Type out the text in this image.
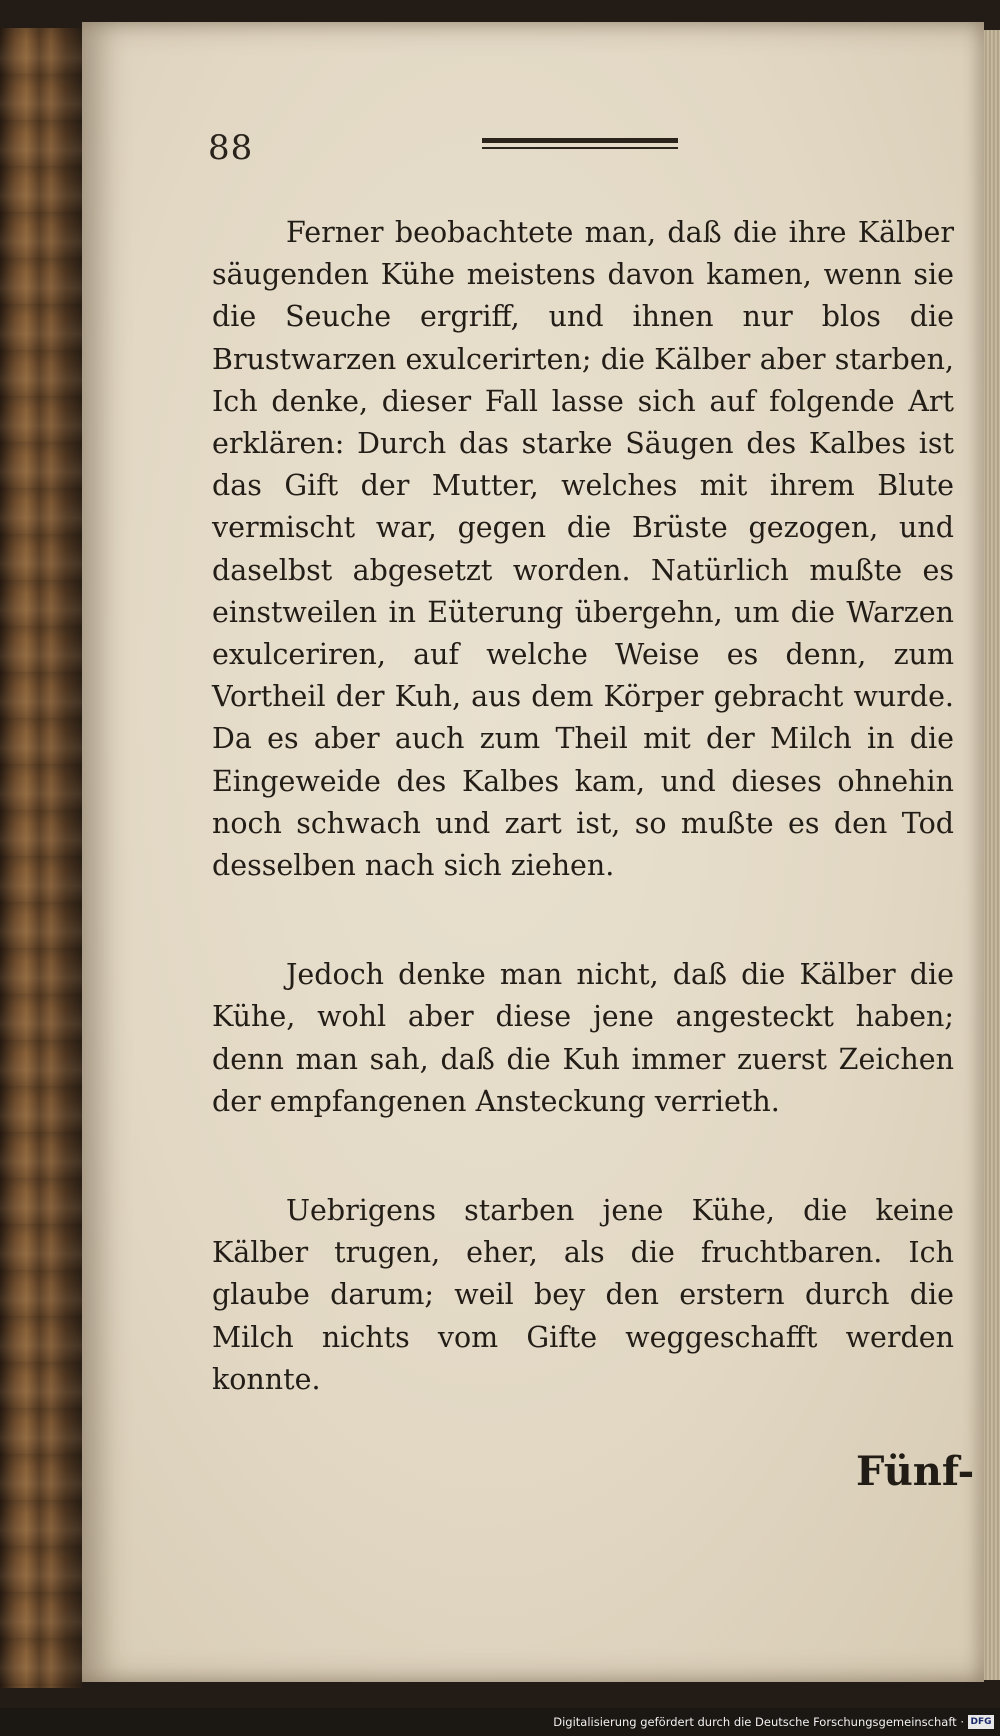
88

Ferner beobachtete man, daß die ihre Kälber säugenden Kühe meistens davon kamen, wenn sie die Seuche ergriff, und ihnen nur blos die Brustwarzen exulcerirten; die Kälber aber starben, Ich denke, dieser Fall lasse sich auf folgende Art erklären: Durch das starke Säugen des Kalbes ist das Gift der Mutter, welches mit ihrem Blute vermischt war, gegen die Brüste gezogen, und daselbst abgesetzt worden. Natürlich mußte es einstweilen in Eüterung übergehn, um die Warzen exulceriren, auf welche Weise es denn, zum Vortheil der Kuh, aus dem Körper gebracht wurde. Da es aber auch zum Theil mit der Milch in die Eingeweide des Kalbes kam, und dieses ohnehin noch schwach und zart ist, so mußte es den Tod desselben nach sich ziehen.

Jedoch denke man nicht, daß die Kälber die Kühe, wohl aber diese jene angesteckt haben; denn man sah, daß die Kuh immer zuerst Zeichen der empfangenen Ansteckung verrieth.

Uebrigens starben jene Kühe, die keine Kälber trugen, eher, als die fruchtbaren. Ich glaube darum; weil bey den erstern durch die Milch nichts vom Gifte weggeschafft werden konnte.

Fünf-
Digitalisierung gefördert durch die Deutsche Forschungsgemeinschaft · DFG
